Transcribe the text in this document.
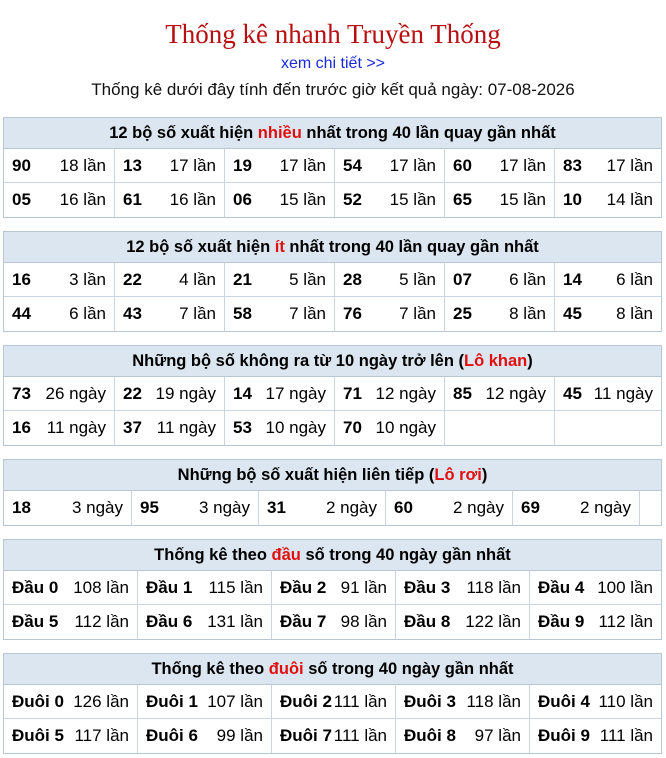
Thống kê nhanh Truyền Thống
xem chi tiết >>
Thống kê dưới đây tính đến trước giờ kết quả ngày: 07-08-2026
12 bộ số xuất hiện nhiều nhất trong 40 lần quay gần nhất
90 18 lần 13 17 lần 19 17 lần 54 17 lần 60 17 lần 83 17 lần
05 16 lần 61 16 lần 06 15 lần 52 15 lần 65 15 lần 10 14 lần
12 bộ số xuất hiện ít nhất trong 40 lần quay gần nhất
16 3 lần 22 4 lần 21 5 lần 28 5 lần 07 6 lần 14 6 lần
44 6 lần 43 7 lần 58 7 lần 76 7 lần 25 8 lần 45 8 lần
Những bộ số không ra từ 10 ngày trở lên (Lô khan)
73 26 ngày 22 19 ngày 14 17 ngày 71 12 ngày 85 12 ngày 45 11 ngày
16 11 ngày 37 11 ngày 53 10 ngày 70 10 ngày
Những bộ số xuất hiện liên tiếp (Lô rơi)
18 3 ngày 95 3 ngày 31 2 ngày 60 2 ngày 69 2 ngày
Thống kê theo đầu số trong 40 ngày gần nhất
Đầu 0 108 lần Đầu 1 115 lần Đầu 2 91 lần Đầu 3 118 lần Đầu 4 100 lần
Đầu 5 112 lần Đầu 6 131 lần Đầu 7 98 lần Đầu 8 122 lần Đầu 9 112 lần
Thống kê theo đuôi số trong 40 ngày gần nhất
Đuôi 0 126 lần Đuôi 1 107 lần Đuôi 2 111 lần Đuôi 3 118 lần Đuôi 4 110 lần
Đuôi 5 117 lần Đuôi 6 99 lần Đuôi 7 111 lần Đuôi 8 97 lần Đuôi 9 111 lần
